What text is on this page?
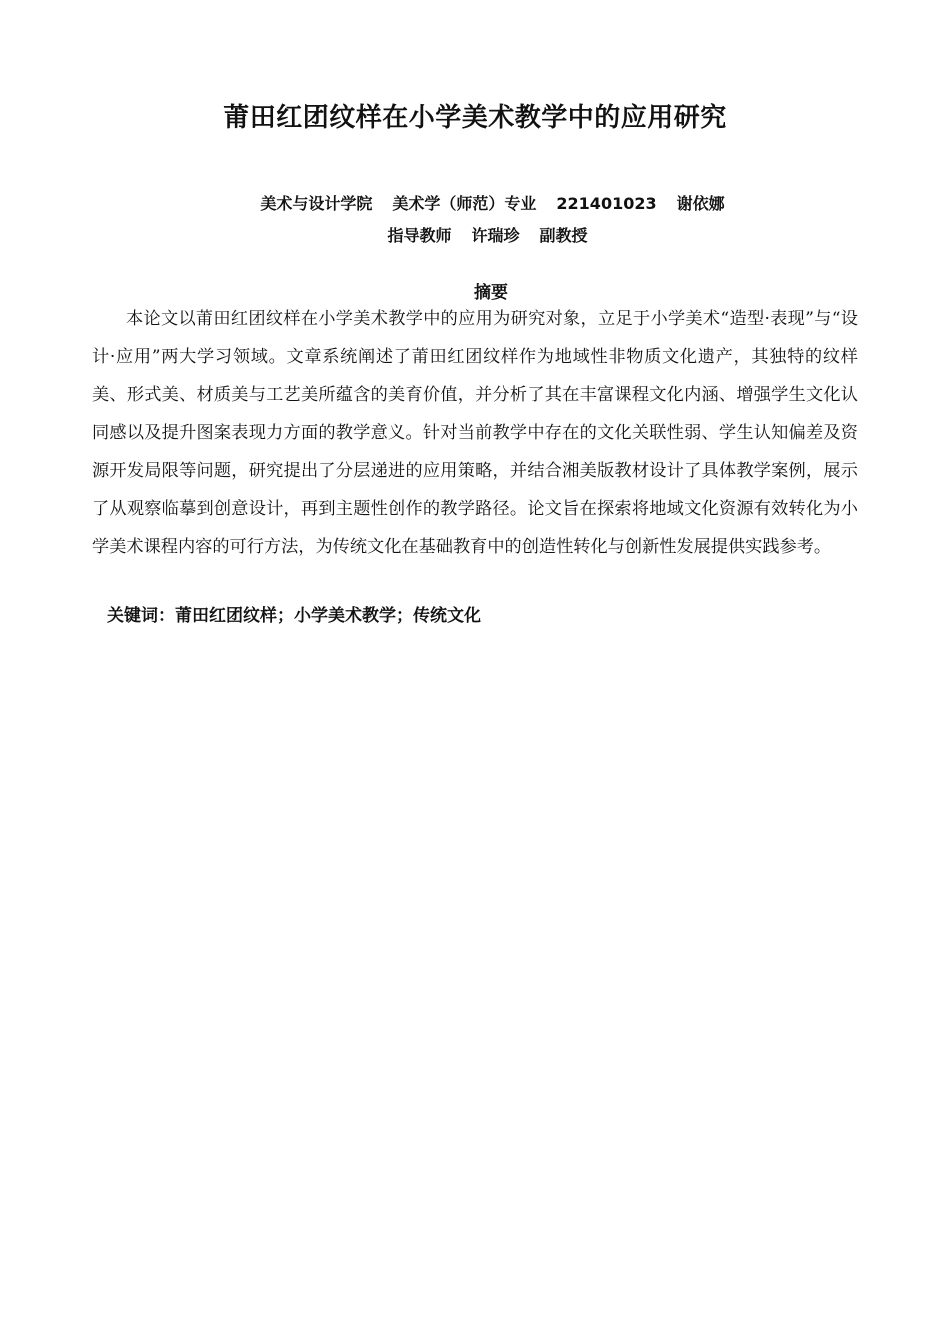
莆田红团纹样在小学美术教学中的应用研究
美术与设计学院 美术学（师范）专业 221401023 谢依娜
指导教师 许瑞珍 副教授
摘要

本论文以莆田红团纹样在小学美术教学中的应用为研究对象，立足于小学美术“造型·表现”与“设计·应用”两大学习领域。文章系统阐述了莆田红团纹样作为地域性非物质文化遗产，其独特的纹样美、形式美、材质美与工艺美所蕴含的美育价值，并分析了其在丰富课程文化内涵、增强学生文化认同感以及提升图案表现力方面的教学意义。针对当前教学中存在的文化关联性弱、学生认知偏差及资源开发局限等问题，研究提出了分层递进的应用策略，并结合湘美版教材设计了具体教学案例，展示了从观察临摹到创意设计，再到主题性创作的教学路径。论文旨在探索将地域文化资源有效转化为小学美术课程内容的可行方法，为传统文化在基础教育中的创造性转化与创新性发展提供实践参考。

关键词：莆田红团纹样；小学美术教学；传统文化
